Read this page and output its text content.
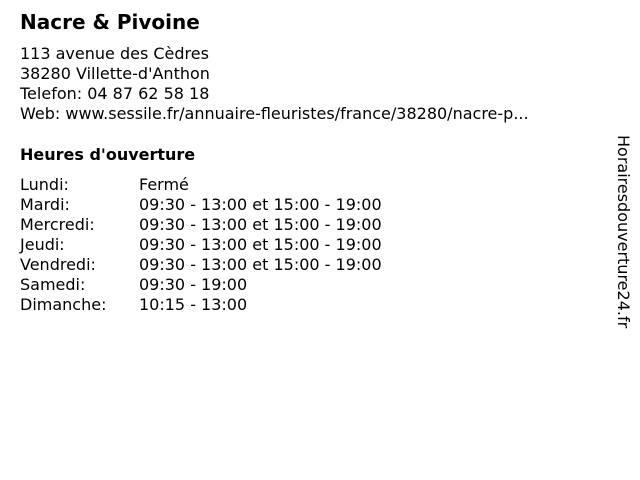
Nacre & Pivoine
113 avenue des Cèdres
38280 Villette-d'Anthon
Telefon: 04 87 62 58 18
Web: www.sessile.fr/annuaire-fleuristes/france/38280/nacre-p...
Heures d'ouverture
Lundi:	Fermé
Mardi:	09:30 - 13:00 et 15:00 - 19:00
Mercredi:	09:30 - 13:00 et 15:00 - 19:00
Jeudi:	09:30 - 13:00 et 15:00 - 19:00
Vendredi:	09:30 - 13:00 et 15:00 - 19:00
Samedi:	09:30 - 19:00
Dimanche: 10:15 - 13:00	Horairesdouverture24.fr
